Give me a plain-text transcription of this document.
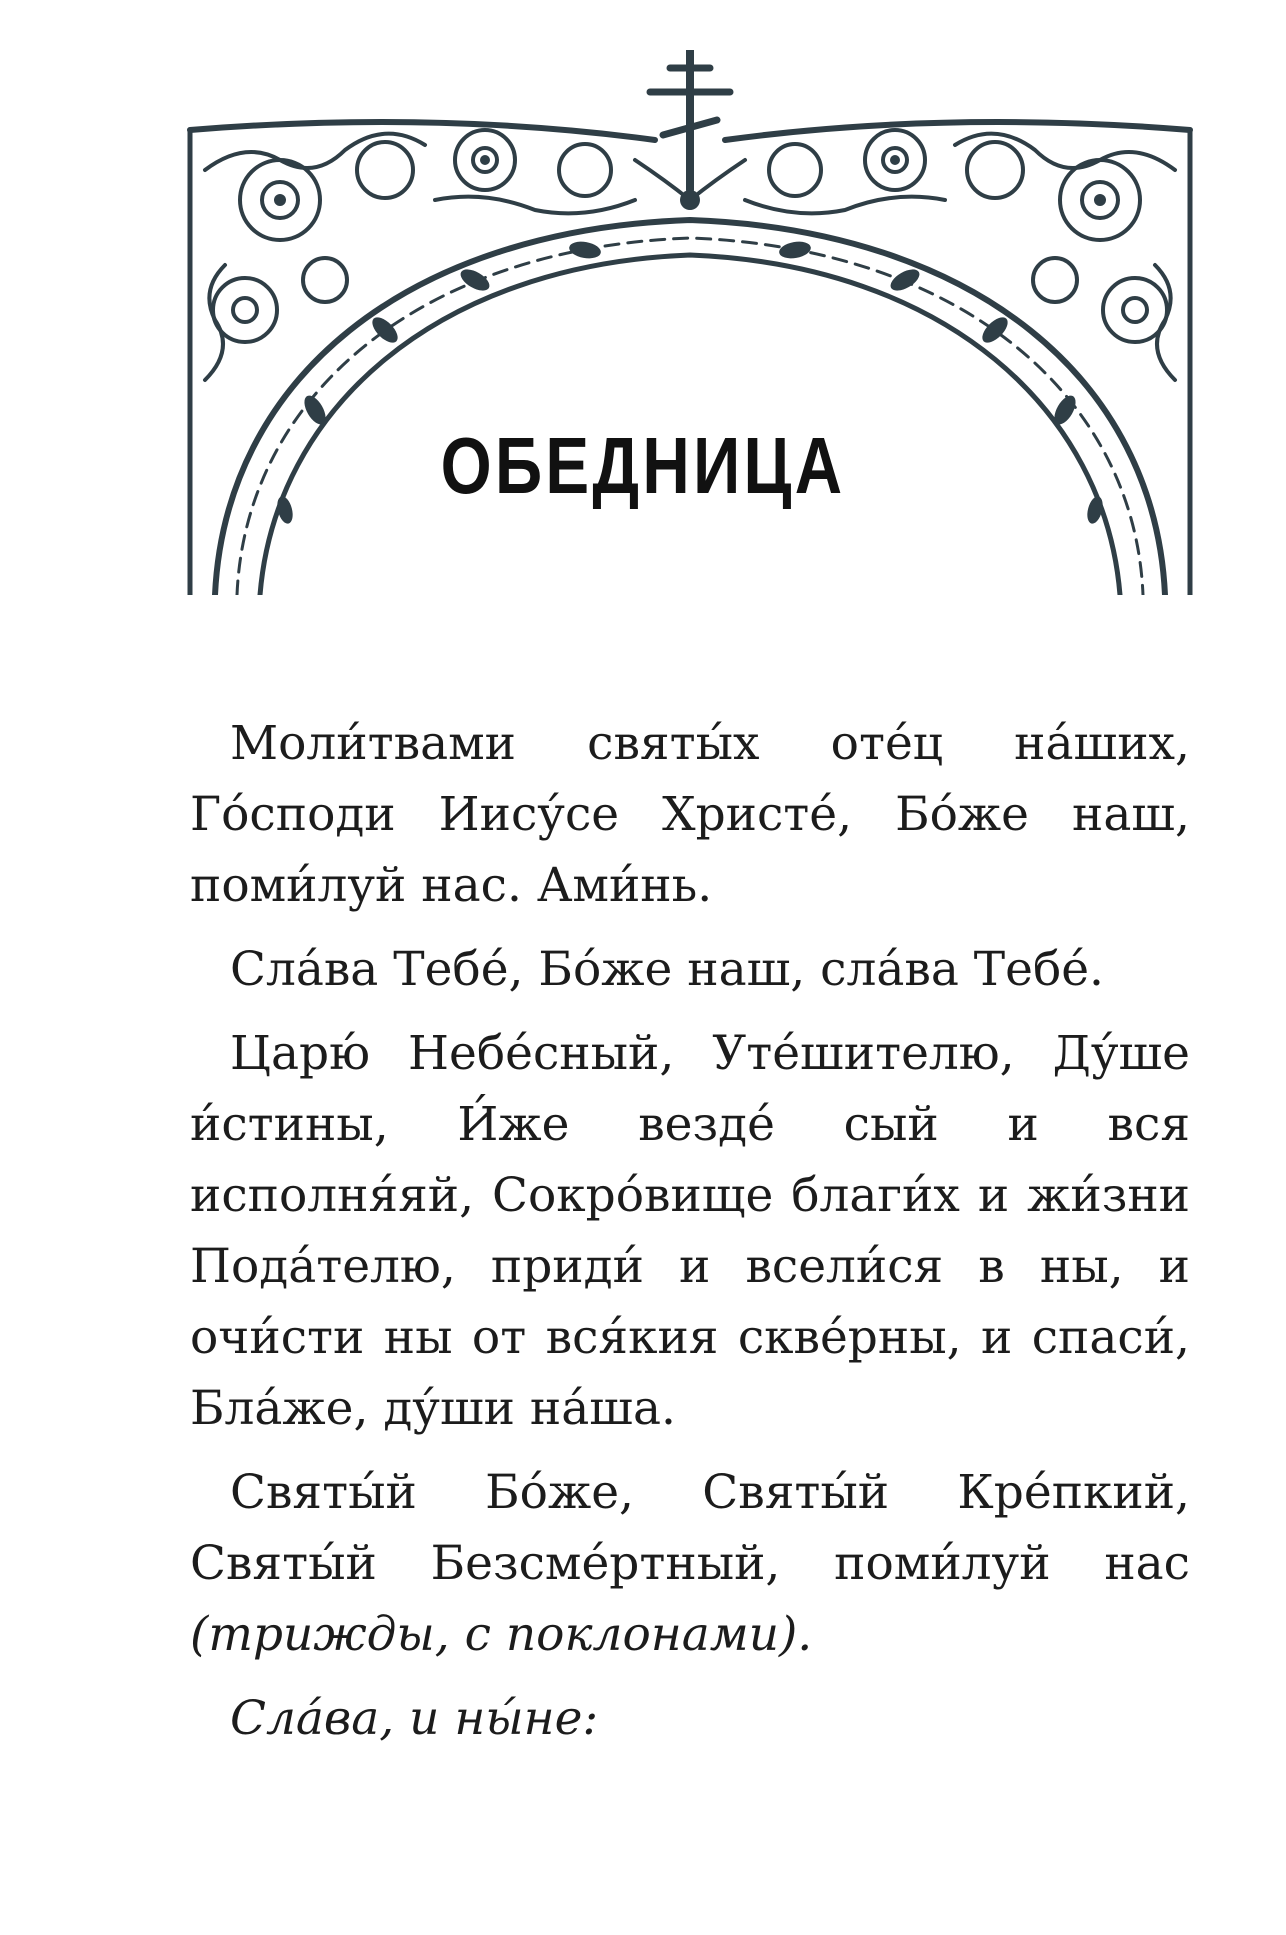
ОБЕДНИЦА

Моли́твами святы́х оте́ц на́ших, Го́споди Иису́се Христе́, Бо́же наш, поми́луй нас. Ами́нь.

Сла́ва Тебе́, Бо́же наш, сла́ва Тебе́.

Царю́ Небе́сный, Уте́шителю, Ду́ше и́стины, И́же везде́ сый и вся исполня́яй, Сокро́вище благи́х и жи́зни Пода́телю, приди́ и всели́ся в ны, и очи́сти ны от вся́кия скве́рны, и спаси́, Бла́же, ду́ши на́ша.

Святы́й Бо́же, Святы́й Кре́пкий, Святы́й Безсме́ртный, поми́луй нас (трижды, с поклонами).

Сла́ва, и ны́не:
